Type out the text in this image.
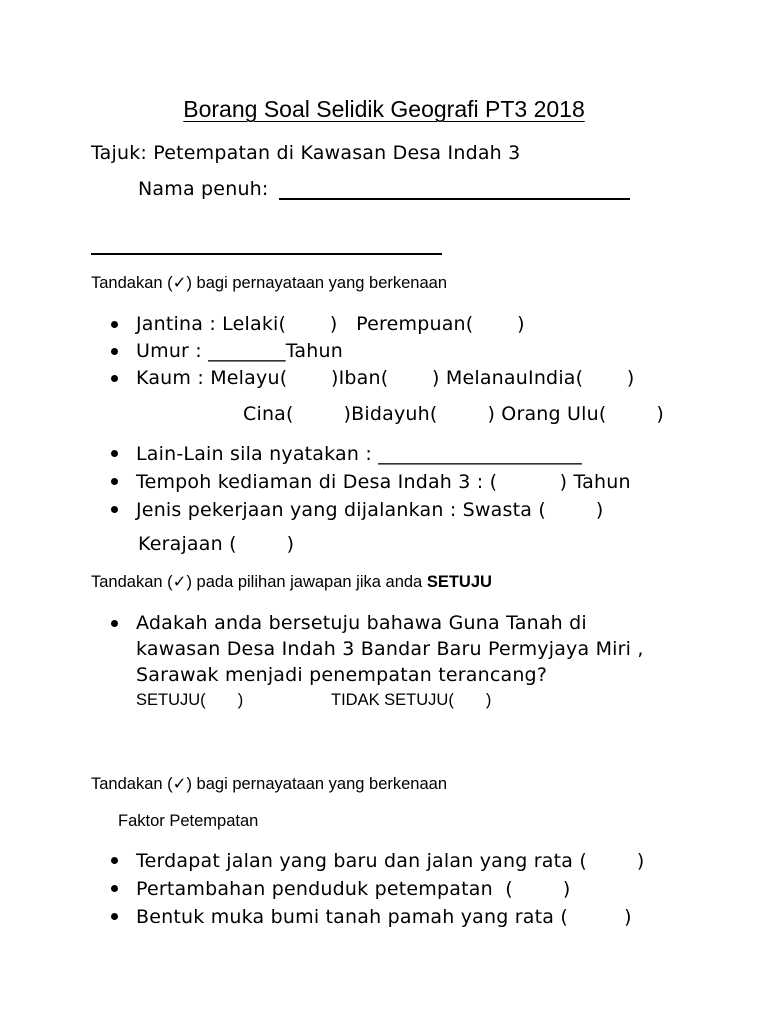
Borang Soal Selidik Geografi PT3 2018
Tajuk: Petempatan di Kawasan Desa Indah 3
Nama penuh:
Tandakan (✓) bagi pernayataan yang berkenaan
Jantina : Lelaki(       )   Perempuan(       )
Umur : ________Tahun
Kaum : Melayu(       )Iban(       ) MelanauIndia(       )
Cina(        )Bidayuh(        ) Orang Ulu(        )
Lain-Lain sila nyatakan : _____________________
Tempoh kediaman di Desa Indah 3 : (          ) Tahun
Jenis pekerjaan yang dijalankan : Swasta (        )
Kerajaan (        )
Tandakan (✓) pada pilihan jawapan jika anda SETUJU
Adakah anda bersetuju bahawa Guna Tanah di
kawasan Desa Indah 3 Bandar Baru Permyjaya Miri ,
Sarawak menjadi penempatan terancang?
SETUJU(       )	TIDAK SETUJU(       )
Tandakan (✓) bagi pernayataan yang berkenaan
Faktor Petempatan
Terdapat jalan yang baru dan jalan yang rata (        )
Pertambahan penduduk petempatan  (        )
Bentuk muka bumi tanah pamah yang rata (         )
